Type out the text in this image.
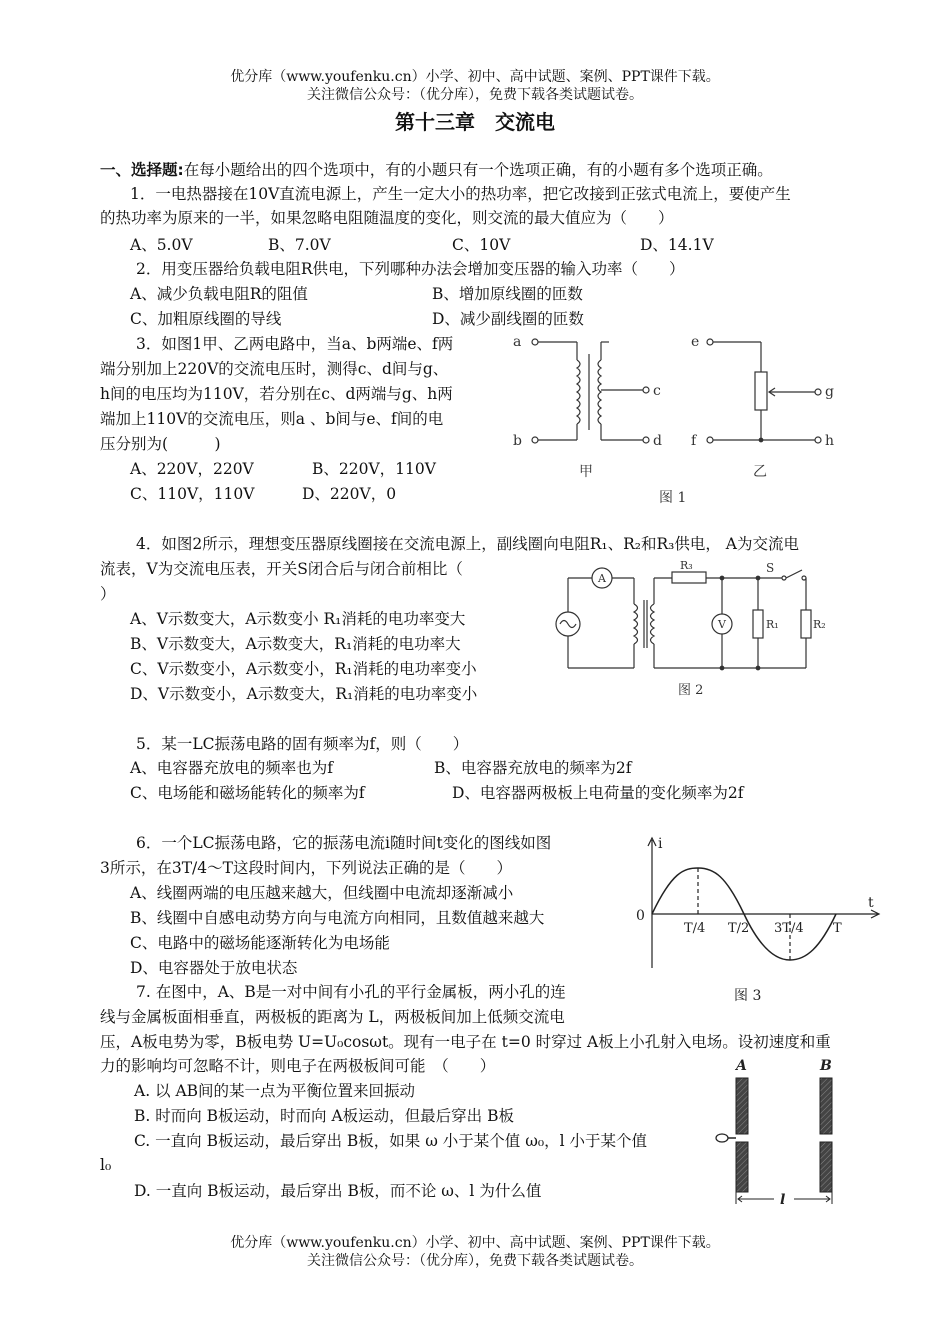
优分库（www.youfenku.cn）小学、初中、高中试题、案例、PPT课件下载。
关注微信公众号：（优分库），免费下载各类试题试卷。
第十三章　交流电
一、选择题:在每小题给出的四个选项中，有的小题只有一个选项正确，有的小题有多个选项正确。
1．一电热器接在10V直流电源上，产生一定大小的热功率，把它改接到正弦式电流上，要使产生
的热功率为原来的一半，如果忽略电阻随温度的变化，则交流的最大值应为（　　）
A、5.0V	B、7.0V	C、10V	D、14.1V
2．用变压器给负载电阻R供电，下列哪种办法会增加变压器的输入功率（　　）
A、减少负载电阻R的阻值	B、增加原线圈的匝数
C、加粗原线圈的导线	D、减少副线圈的匝数
3．如图1甲、乙两电路中，当a、b两端e、f两
端分别加上220V的交流电压时，测得c、d间与g、
h间的电压均为110V，若分别在c、d两端与g、h两
端加上110V的交流电压，则a 、b间与e、f间的电
压分别为(　　　)
A、220V，220V	B、220V，110V
C、110V，110V	D、220V，0
a
b
c
d
e
f
g
h
甲	乙
图 1
4．如图2所示，理想变压器原线圈接在交流电源上，副线圈向电阻R₁、R₂和R₃供电， A为交流电
流表，V为交流电压表，开关S闭合后与闭合前相比（
）
A、V示数变大，A示数变小 R₁消耗的电功率变大
B、V示数变大，A示数变大，R₁消耗的电功率大
C、V示数变小，A示数变小，R₁消耗的电功率变小
D、V示数变小，A示数变大，R₁消耗的电功率变小
A
V
R₃
R₁	R₂
S
图 2
5．某一LC振荡电路的固有频率为f，则（　　）
A、电容器充放电的频率也为f	B、电容器充放电的频率为2f
C、电场能和磁场能转化的频率为f	D、电容器两极板上电荷量的变化频率为2f
6．一个LC振荡电路，它的振荡电流i随时间t变化的图线如图
3所示，在3T/4～T这段时间内，下列说法正确的是（　　）
A、线圈两端的电压越来越大，但线圈中电流却逐渐减小
B、线圈中自感电动势方向与电流方向相同，且数值越来越大
C、电路中的磁场能逐渐转化为电场能
D、电容器处于放电状态
i
t
0
T/4 T/2 3T/4 T
图 3
7. 在图中，A、B是一对中间有小孔的平行金属板，两小孔的连
线与金属板面相垂直，两极板的距离为 L，两极板间加上低频交流电
压，A板电势为零，B板电势 U=U₀cosωt。现有一电子在 t=0 时穿过 A板上小孔射入电场。设初速度和重
力的影响均可忽略不计，则电子在两极板间可能　（　　）
A. 以 AB间的某一点为平衡位置来回振动
B. 时而向 B板运动，时而向 A板运动，但最后穿出 B板
C. 一直向 B板运动，最后穿出 B板，如果 ω 小于某个值 ω₀，l 小于某个值
l₀
D. 一直向 B板运动，最后穿出 B板，而不论 ω、l 为什么值
A	B
l
优分库（www.youfenku.cn）小学、初中、高中试题、案例、PPT课件下载。
关注微信公众号：（优分库），免费下载各类试题试卷。
